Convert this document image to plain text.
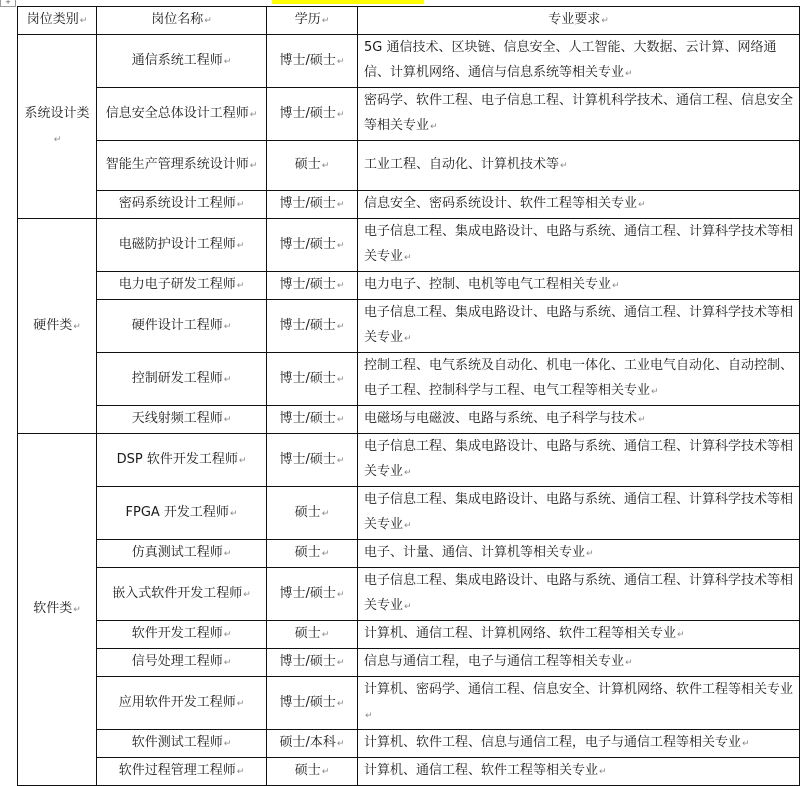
+
岗位类别↵	岗位名称↵	学历↵	专业要求↵
系统设计类↵	通信系统工程师↵	博士/硕士↵	5G 通信技术、区块链、信息安全、人工智能、大数据、云计算、网络通信、计算机网络、通信与信息系统等相关专业↵
	信息安全总体设计工程师↵	博士/硕士↵	密码学、软件工程、电子信息工程、计算机科学技术、通信工程、信息安全等相关专业↵
	智能生产管理系统设计师↵	硕士↵	工业工程、自动化、计算机技术等↵
	密码系统设计工程师↵	博士/硕士↵	信息安全、密码系统设计、软件工程等相关专业↵
硬件类↵	电磁防护设计工程师↵	博士/硕士↵	电子信息工程、集成电路设计、电路与系统、通信工程、计算科学技术等相关专业↵
	电力电子研发工程师↵	博士/硕士↵	电力电子、控制、电机等电气工程相关专业↵
	硬件设计工程师↵	博士/硕士↵	电子信息工程、集成电路设计、电路与系统、通信工程、计算科学技术等相关专业↵
	控制研发工程师↵	博士/硕士↵	控制工程、电气系统及自动化、机电一体化、工业电气自动化、自动控制、电子工程、控制科学与工程、电气工程等相关专业↵
	天线射频工程师↵	博士/硕士↵	电磁场与电磁波、电路与系统、电子科学与技术↵
软件类↵	DSP 软件开发工程师↵	博士/硕士↵	电子信息工程、集成电路设计、电路与系统、通信工程、计算科学技术等相关专业↵
	FPGA 开发工程师↵	硕士↵	电子信息工程、集成电路设计、电路与系统、通信工程、计算科学技术等相关专业↵
	仿真测试工程师↵	硕士↵	电子、计量、通信、计算机等相关专业↵
	嵌入式软件开发工程师↵	博士/硕士↵	电子信息工程、集成电路设计、电路与系统、通信工程、计算科学技术等相关专业↵
	软件开发工程师↵	硕士↵	计算机、通信工程、计算机网络、软件工程等相关专业↵
	信号处理工程师↵	博士/硕士↵	信息与通信工程，电子与通信工程等相关专业↵
	应用软件开发工程师↵	博士/硕士↵	计算机、密码学、通信工程、信息安全、计算机网络、软件工程等相关专业↵
	软件测试工程师↵	硕士/本科↵	计算机、软件工程、信息与通信工程，电子与通信工程等相关专业↵
	软件过程管理工程师↵	硕士↵	计算机、通信工程、软件工程等相关专业↵
